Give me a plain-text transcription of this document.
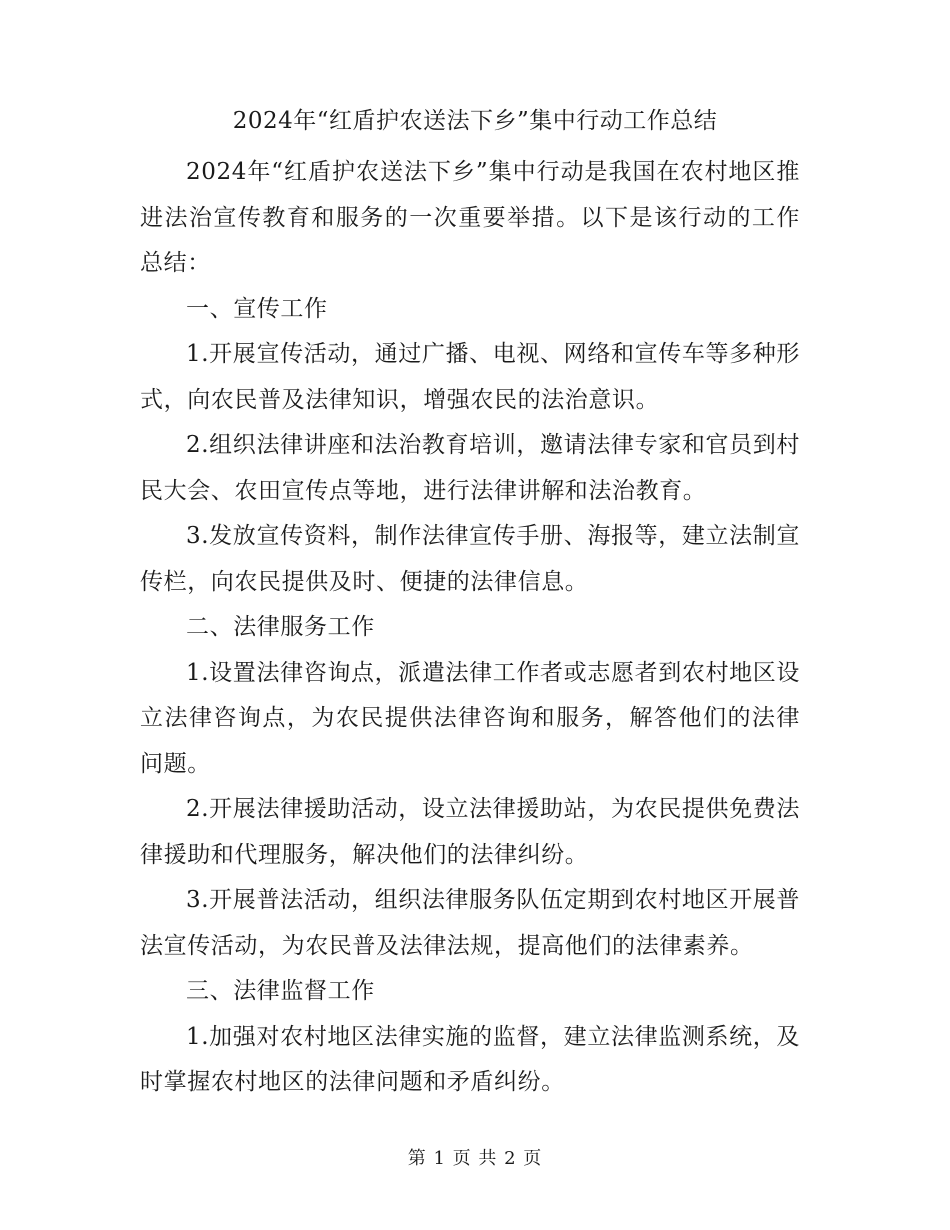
2024年“红盾护农送法下乡”集中行动工作总结

2024年“红盾护农送法下乡”集中行动是我国在农村地区推进法治宣传教育和服务的一次重要举措。以下是该行动的工作总结：

一、宣传工作

1.开展宣传活动，通过广播、电视、网络和宣传车等多种形式，向农民普及法律知识，增强农民的法治意识。

2.组织法律讲座和法治教育培训，邀请法律专家和官员到村民大会、农田宣传点等地，进行法律讲解和法治教育。

3.发放宣传资料，制作法律宣传手册、海报等，建立法制宣传栏，向农民提供及时、便捷的法律信息。

二、法律服务工作

1.设置法律咨询点，派遣法律工作者或志愿者到农村地区设立法律咨询点，为农民提供法律咨询和服务，解答他们的法律问题。

2.开展法律援助活动，设立法律援助站，为农民提供免费法律援助和代理服务，解决他们的法律纠纷。

3.开展普法活动，组织法律服务队伍定期到农村地区开展普法宣传活动，为农民普及法律法规，提高他们的法律素养。

三、法律监督工作

1.加强对农村地区法律实施的监督，建立法律监测系统，及时掌握农村地区的法律问题和矛盾纠纷。

第 1 页 共 2 页
